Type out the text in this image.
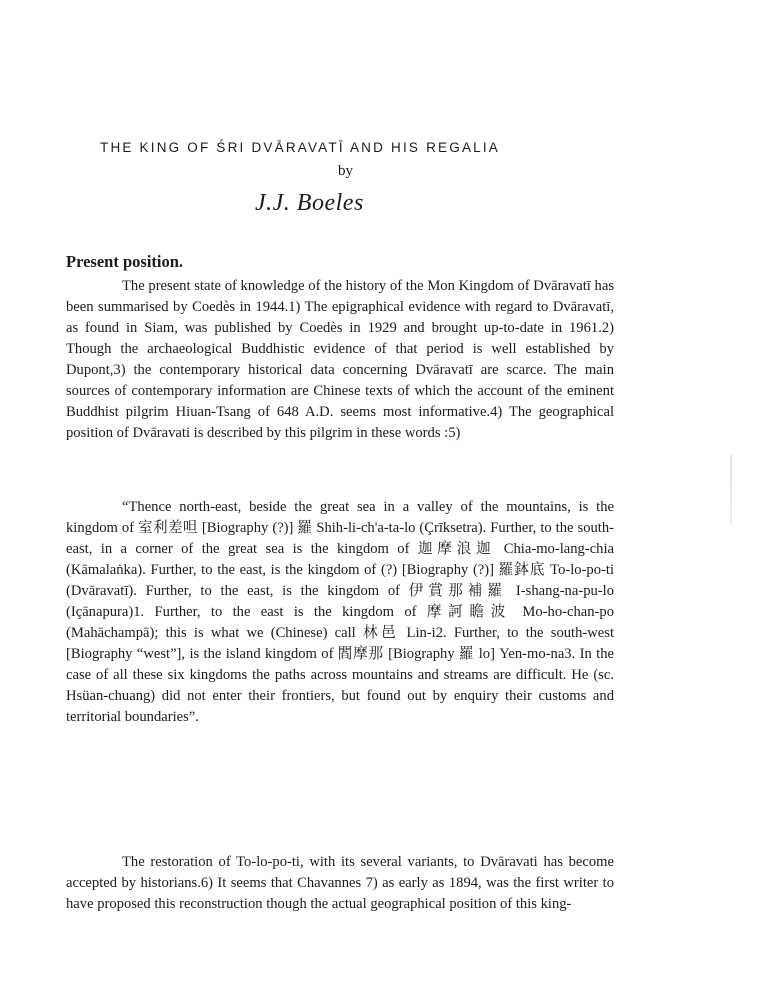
THE KING OF ŚRI DVĀRAVATĪ AND HIS REGALIA

by

J.J. Boeles

Present position.

The present state of knowledge of the history of the Mon Kingdom of Dvāravatī has been summarised by Coedès in 1944.1) The epigraphical evidence with regard to Dvāravatī, as found in Siam, was published by Coedès in 1929 and brought up-to-date in 1961.2) Though the archaeological Buddhistic evidence of that period is well established by Dupont,3) the contemporary historical data concerning Dvāravatī are scarce. The main sources of contemporary information are Chinese texts of which the account of the eminent Buddhist pilgrim Hiuan-Tsang of 648 A.D. seems most informative.4) The geographical position of Dvāravati is described by this pilgrim in these words :5)

“Thence north-east, beside the great sea in a valley of the mountains, is the kingdom of 室利差呾 [Biography (?)] 羅 Shih-li-ch'a-ta-lo (Çrīksetra). Further, to the south-east, in a corner of the great sea is the kingdom of 迦摩浪迦 Chia-mo-lang-chia (Kāmalaṅka). Further, to the east, is the kingdom of (?) [Biography (?)] 羅鉢底 To-lo-po-ti (Dvāravatī). Further, to the east, is the kingdom of 伊賞那補羅 I-shang-na-pu-lo (Içānapura)1. Further, to the east is the kingdom of 摩訶瞻波 Mo-ho-chan-po (Mahāchampā); this is what we (Chinese) call 林邑 Lin-i2. Further, to the south-west [Biography “west”], is the island kingdom of 閻摩那 [Biography 羅 lo] Yen-mo-na3. In the case of all these six kingdoms the paths across mountains and streams are difficult. He (sc. Hsüan-chuang) did not enter their frontiers, but found out by enquiry their customs and territorial boundaries”.

The restoration of To-lo-po-ti, with its several variants, to Dvāravati has become accepted by historians.6) It seems that Chavannes 7) as early as 1894, was the first writer to have proposed this reconstruction though the actual geographical position of this king-
